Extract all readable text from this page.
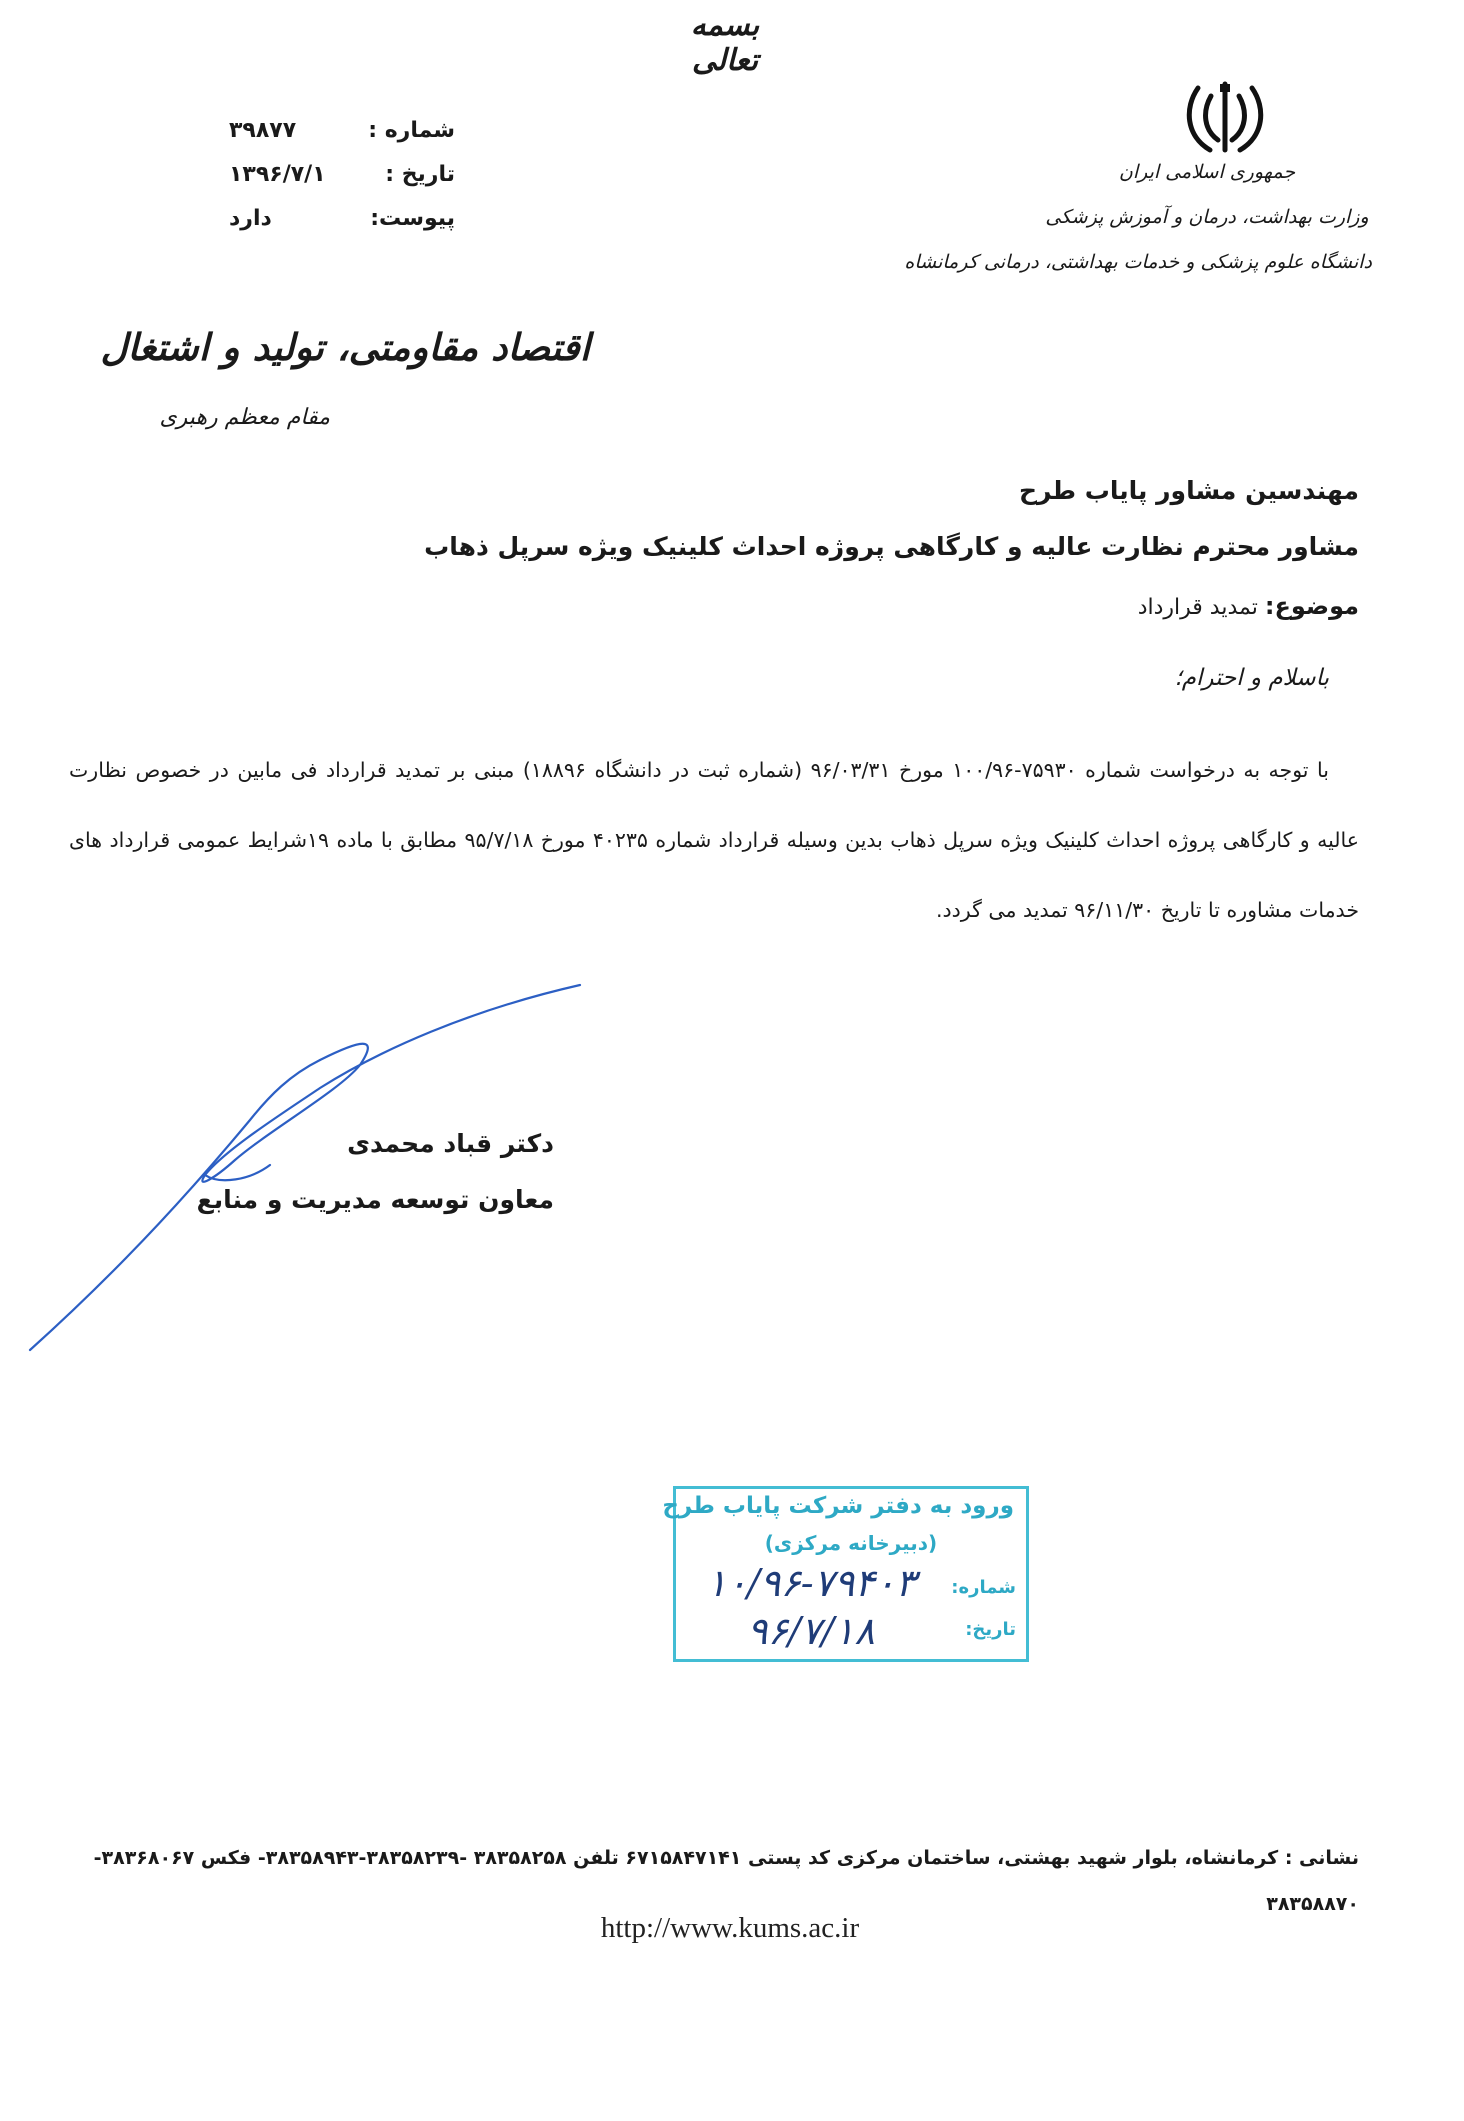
بسمه تعالی
جمهوری اسلامی ایران
وزارت بهداشت، درمان و آموزش پزشکی
دانشگاه علوم پزشکی و خدمات بهداشتی، درمانی کرمانشاه
شماره :
۳۹۸۷۷
تاریخ :
۱۳۹۶/۷/۱
پیوست:
دارد
اقتصاد مقاومتی، تولید و اشتغال
مقام معظم رهبری
مهندسین مشاور پایاب طرح
مشاور محترم نظارت عالیه و کارگاهی پروژه احداث کلینیک ویژه سرپل ذهاب
موضوع: تمدید قرارداد
باسلام و احترام؛
با توجه به درخواست شماره ۷۵۹۳۰-۱۰۰/۹۶ مورخ ۹۶/۰۳/۳۱ (شماره ثبت در دانشگاه ۱۸۸۹۶) مبنی بر تمدید قرارداد فی مابین در خصوص نظارت عالیه و کارگاهی پروژه احداث کلینیک ویژه سرپل ذهاب بدین وسیله قرارداد شماره ۴۰۲۳۵ مورخ ۹۵/۷/۱۸ مطابق با ماده ۱۹شرایط عمومی قرارداد های خدمات مشاوره تا تاریخ ۹۶/۱۱/۳۰ تمدید می گردد.
دکتر قباد محمدی
معاون توسعه مدیریت و منابع
ورود به دفتر شرکت پایاب طرح
(دبیرخانه مرکزی)
شماره:
۱۰/۹۶-۷۹۴۰۳
تاریخ:
۹۶/۷/۱۸
نشانی : کرمانشاه، بلوار شهید بهشتی، ساختمان مرکزی کد پستی ۶۷۱۵۸۴۷۱۴۱ تلفن ۳۸۳۵۸۲۵۸ -۳۸۳۵۸۲۳۹-۳۸۳۵۸۹۴۳- فکس ۳۸۳۶۸۰۶۷- ۳۸۳۵۸۸۷۰
http://www.kums.ac.ir
